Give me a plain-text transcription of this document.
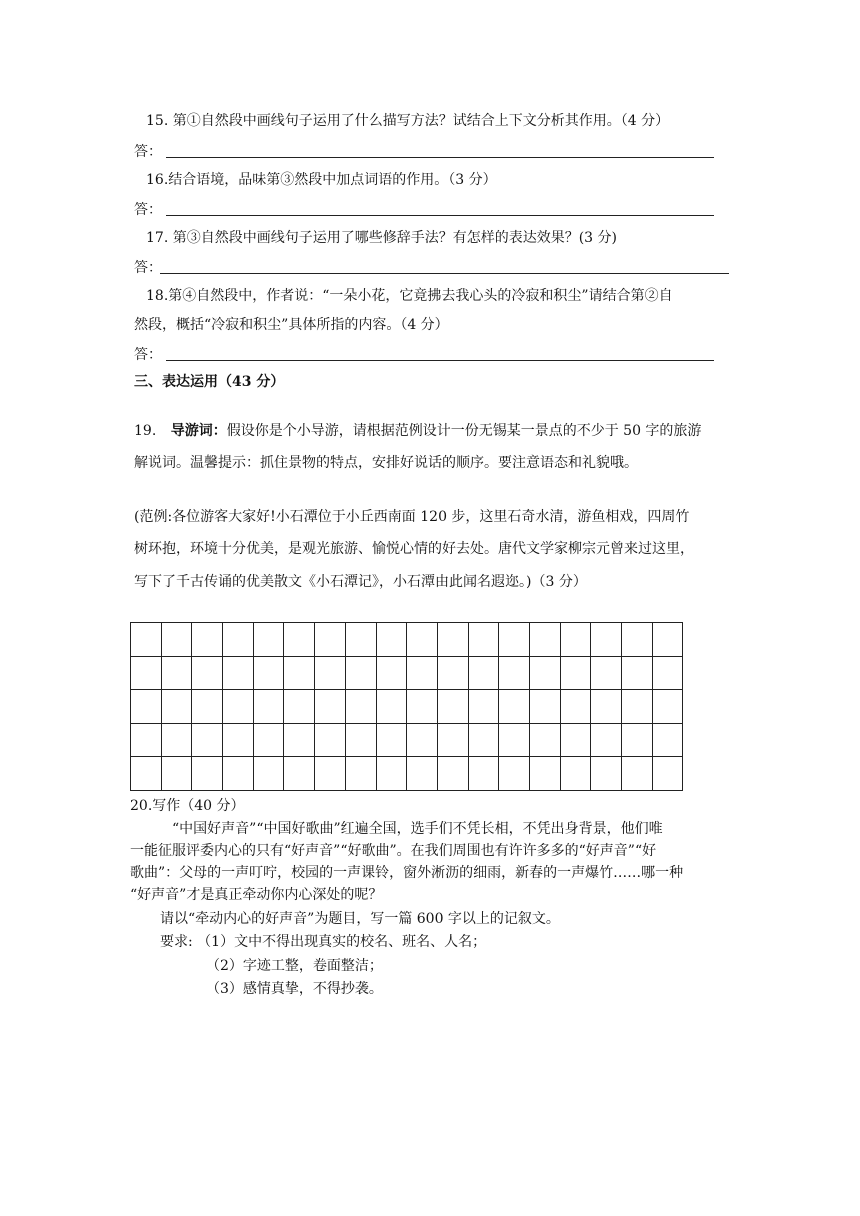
15. 第①自然段中画线句子运用了什么描写方法？试结合上下文分析其作用。（4 分）
答：
16.结合语境，品味第③然段中加点词语的作用。（3 分）
答：
17. 第③自然段中画线句子运用了哪些修辞手法？有怎样的表达效果？(3 分)
答：
18.第④自然段中，作者说：“一朵小花，它竟拂去我心头的冷寂和积尘”请结合第②自
然段，概括“冷寂和积尘”具体所指的内容。（4 分）
答：
三、表达运用（43 分）
19. 导游词：假设你是个小导游，请根据范例设计一份无锡某一景点的不少于 50 字的旅游
解说词。温馨提示：抓住景物的特点，安排好说话的顺序。要注意语态和礼貌哦。
(范例:各位游客大家好!小石潭位于小丘西南面 120 步，这里石奇水清，游鱼相戏，四周竹
树环抱，环境十分优美，是观光旅游、愉悦心情的好去处。唐代文学家柳宗元曾来过这里，
写下了千古传诵的优美散文《小石潭记》，小石潭由此闻名遐迩。)（3 分）

20.写作（40 分）
“中国好声音”“中国好歌曲”红遍全国，选手们不凭长相，不凭出身背景，他们唯
一能征服评委内心的只有“好声音”“好歌曲”。在我们周围也有许许多多的“好声音”“好
歌曲”：父母的一声叮咛，校园的一声课铃，窗外淅沥的细雨，新春的一声爆竹……哪一种
“好声音”才是真正牵动你内心深处的呢？
请以“牵动内心的好声音”为题目，写一篇 600 字以上的记叙文。
要求: （1）文中不得出现真实的校名、班名、人名；
（2）字迹工整，卷面整洁；
（3）感情真挚，不得抄袭。
